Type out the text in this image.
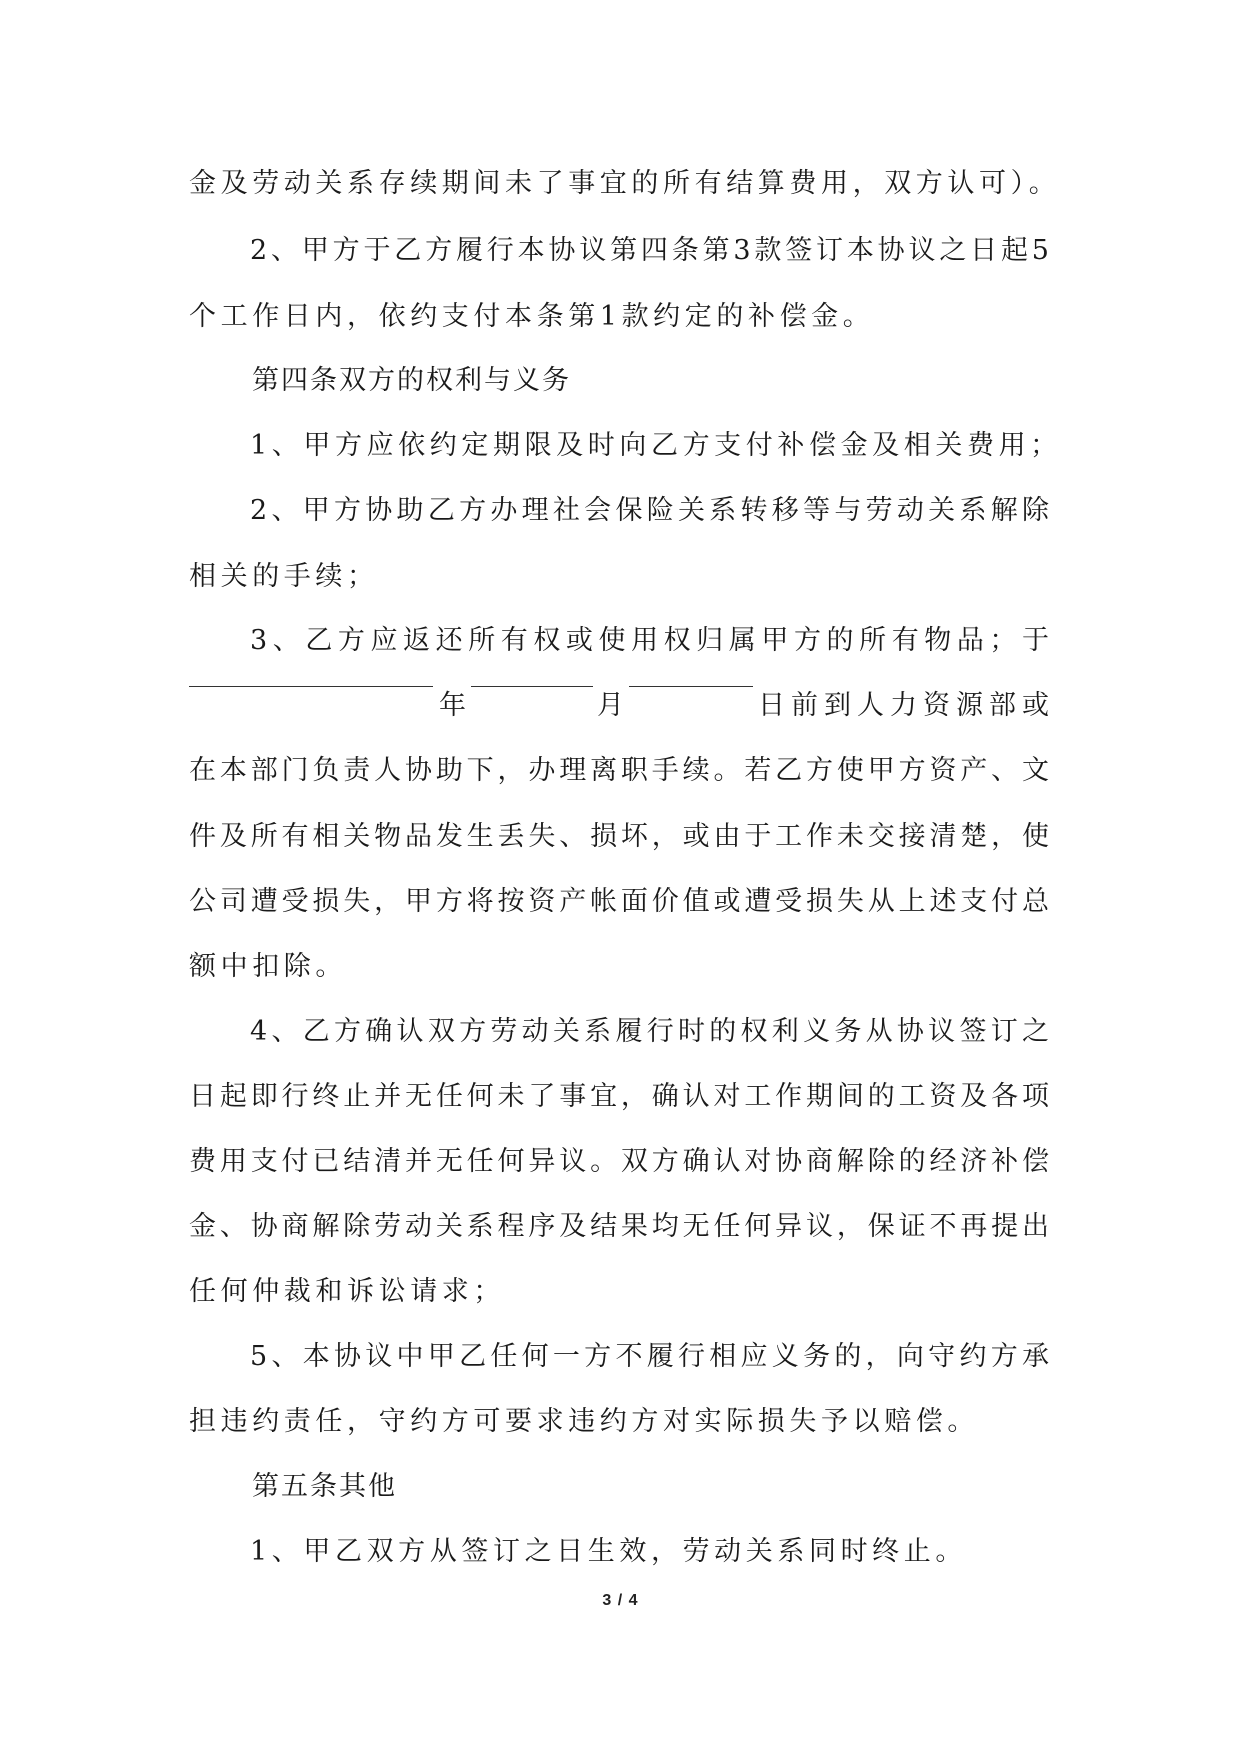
金及劳动关系存续期间未了事宜的所有结算费用，双方认可）。
2、甲方于乙方履行本协议第四条第3款签订本协议之日起5
个工作日内，依约支付本条第1款约定的补偿金。
第四条双方的权利与义务
1、甲方应依约定期限及时向乙方支付补偿金及相关费用；
2、甲方协助乙方办理社会保险关系转移等与劳动关系解除
相关的手续；
3、乙方应返还所有权或使用权归属甲方的所有物品；于
年	月	日前到人力资源部或
在本部门负责人协助下，办理离职手续。若乙方使甲方资产、文
件及所有相关物品发生丢失、损坏，或由于工作未交接清楚，使
公司遭受损失，甲方将按资产帐面价值或遭受损失从上述支付总
额中扣除。
4、乙方确认双方劳动关系履行时的权利义务从协议签订之
日起即行终止并无任何未了事宜，确认对工作期间的工资及各项
费用支付已结清并无任何异议。双方确认对协商解除的经济补偿
金、协商解除劳动关系程序及结果均无任何异议，保证不再提出
任何仲裁和诉讼请求；
5、本协议中甲乙任何一方不履行相应义务的，向守约方承
担违约责任，守约方可要求违约方对实际损失予以赔偿。
第五条其他
1、甲乙双方从签订之日生效，劳动关系同时终止。
3 / 4
